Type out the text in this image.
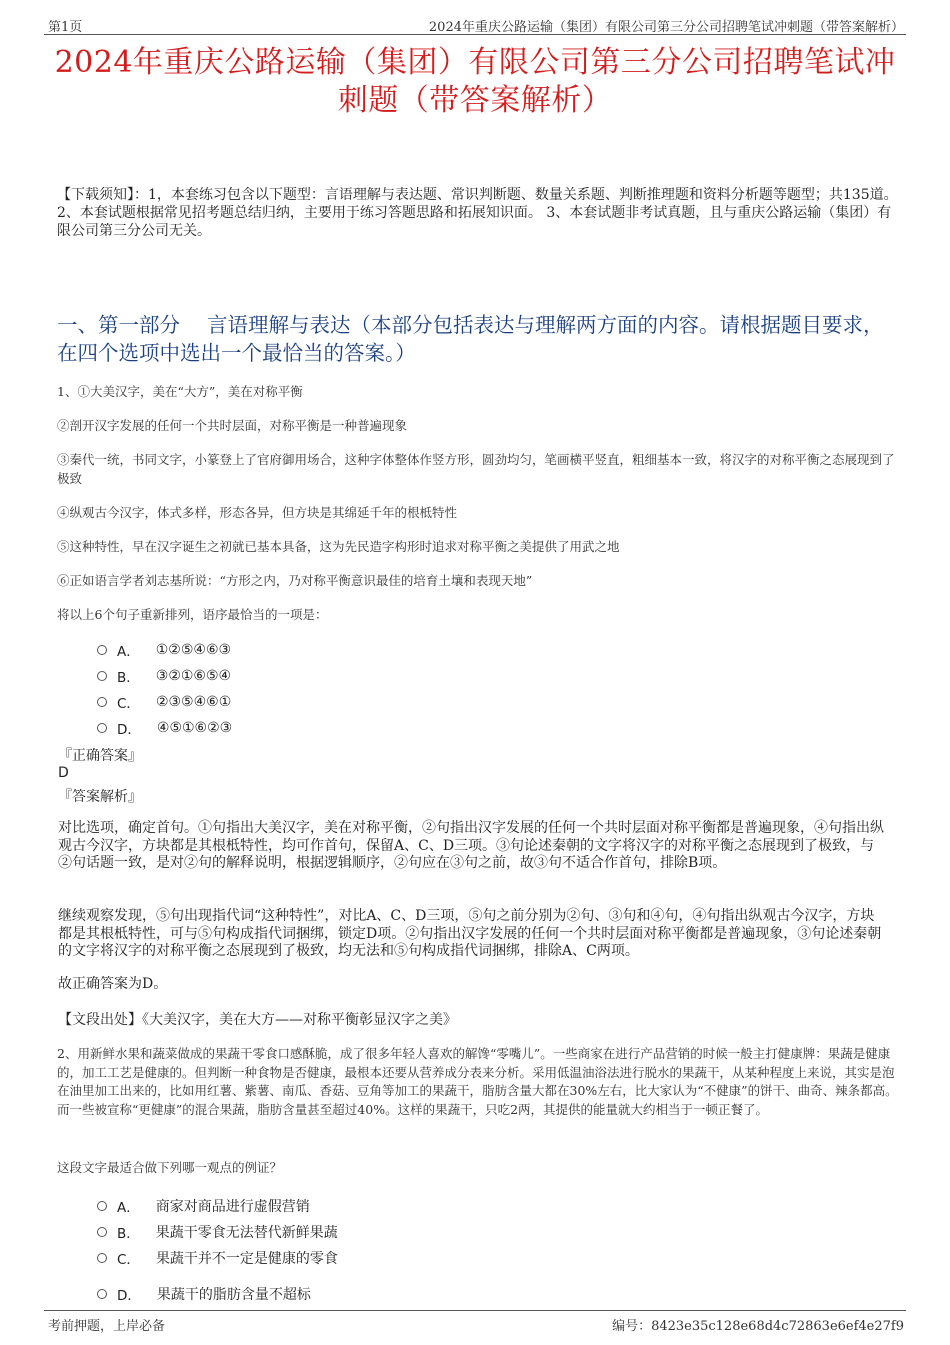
第1页	2024年重庆公路运输（集团）有限公司第三分公司招聘笔试冲刺题（带答案解析）
2024年重庆公路运输（集团）有限公司第三分公司招聘笔试冲刺题（带答案解析）
【下载须知】：1，本套练习包含以下题型：言语理解与表达题、常识判断题、数量关系题、判断推理题和资料分析题等题型；共135道。 2、本套试题根据常见招考题总结归纳，主要用于练习答题思路和拓展知识面。 3、本套试题非考试真题，且与重庆公路运输（集团）有限公司第三分公司无关。
一、第一部分　 言语理解与表达（本部分包括表达与理解两方面的内容。请根据题目要求，在四个选项中选出一个最恰当的答案。）
1、①大美汉字，美在“大方”，美在对称平衡
②剖开汉字发展的任何一个共时层面，对称平衡是一种普遍现象
③秦代一统，书同文字，小篆登上了官府御用场合，这种字体整体作竖方形，圆劲均匀，笔画横平竖直，粗细基本一致，将汉字的对称平衡之态展现到了极致
④纵观古今汉字，体式多样，形态各异，但方块是其绵延千年的根柢特性
⑤这种特性，早在汉字诞生之初就已基本具备，这为先民造字构形时追求对称平衡之美提供了用武之地
⑥正如语言学者刘志基所说：“方形之内，乃对称平衡意识最佳的培育土壤和表现天地”
将以上6个句子重新排列，语序最恰当的一项是：
A． ①②⑤④⑥③
B． ③②①⑥⑤④
C． ②③⑤④⑥①
D． ④⑤①⑥②③
『正确答案』
D
『答案解析』
对比选项，确定首句。①句指出大美汉字，美在对称平衡，②句指出汉字发展的任何一个共时层面对称平衡都是普遍现象，④句指出纵观古今汉字，方块都是其根柢特性，均可作首句，保留A、C、D三项。③句论述秦朝的文字将汉字的对称平衡之态展现到了极致，与②句话题一致，是对②句的解释说明，根据逻辑顺序，②句应在③句之前，故③句不适合作首句，排除B项。
继续观察发现，⑤句出现指代词“这种特性”，对比A、C、D三项，⑤句之前分别为②句、③句和④句，④句指出纵观古今汉字，方块都是其根柢特性，可与⑤句构成指代词捆绑，锁定D项。②句指出汉字发展的任何一个共时层面对称平衡都是普遍现象，③句论述秦朝的文字将汉字的对称平衡之态展现到了极致，均无法和⑤句构成指代词捆绑，排除A、C两项。
故正确答案为D。
【文段出处】《大美汉字，美在大方——对称平衡彰显汉字之美》
2、用新鲜水果和蔬菜做成的果蔬干零食口感酥脆，成了很多年轻人喜欢的解馋“零嘴儿”。一些商家在进行产品营销的时候一般主打健康牌：果蔬是健康的，加工工艺是健康的。但判断一种食物是否健康，最根本还要从营养成分表来分析。采用低温油浴法进行脱水的果蔬干，从某种程度上来说，其实是泡在油里加工出来的，比如用红薯、紫薯、南瓜、香菇、豆角等加工的果蔬干，脂肪含量大都在30%左右，比大家认为“不健康”的饼干、曲奇、辣条都高。而一些被宣称“更健康”的混合果蔬，脂肪含量甚至超过40%。这样的果蔬干，只吃2两，其提供的能量就大约相当于一顿正餐了。
这段文字最适合做下列哪一观点的例证？
A． 商家对商品进行虚假营销
B． 果蔬干零食无法替代新鲜果蔬
C． 果蔬干并不一定是健康的零食
D． 果蔬干的脂肪含量不超标
考前押题，上岸必备	编号：8423e35c128e68d4c72863e6ef4e27f9
